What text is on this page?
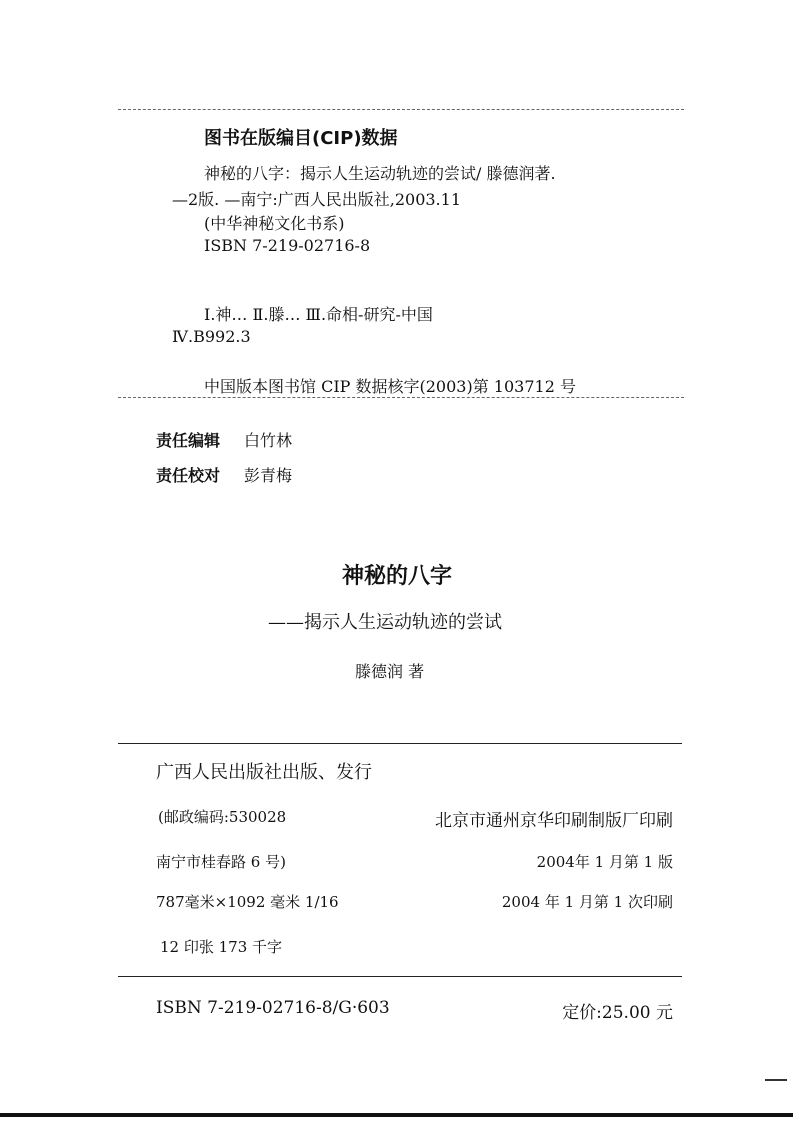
图书在版编目(CIP)数据
神秘的八字：揭示人生运动轨迹的尝试/ 滕德润著.
—2版. —南宁:广西人民出版社,2003.11
(中华神秘文化书系)
ISBN 7-219-02716-8
Ⅰ.神… Ⅱ.滕… Ⅲ.命相-研究-中国
Ⅳ.B992.3
中国版本图书馆 CIP 数据核字(2003)第 103712 号
责任编辑 白竹林
责任校对 彭青梅
神秘的八字
——揭示人生运动轨迹的尝试
滕德润 著
广西人民出版社出版、发行
(邮政编码:530028	北京市通州京华印刷制版厂印刷
南宁市桂春路 6 号)	2004年 1 月第 1 版
787毫米×1092 毫米 1/16	2004 年 1 月第 1 次印刷
12 印张 173 千字
ISBN 7-219-02716-8/G·603	定价:25.00 元
